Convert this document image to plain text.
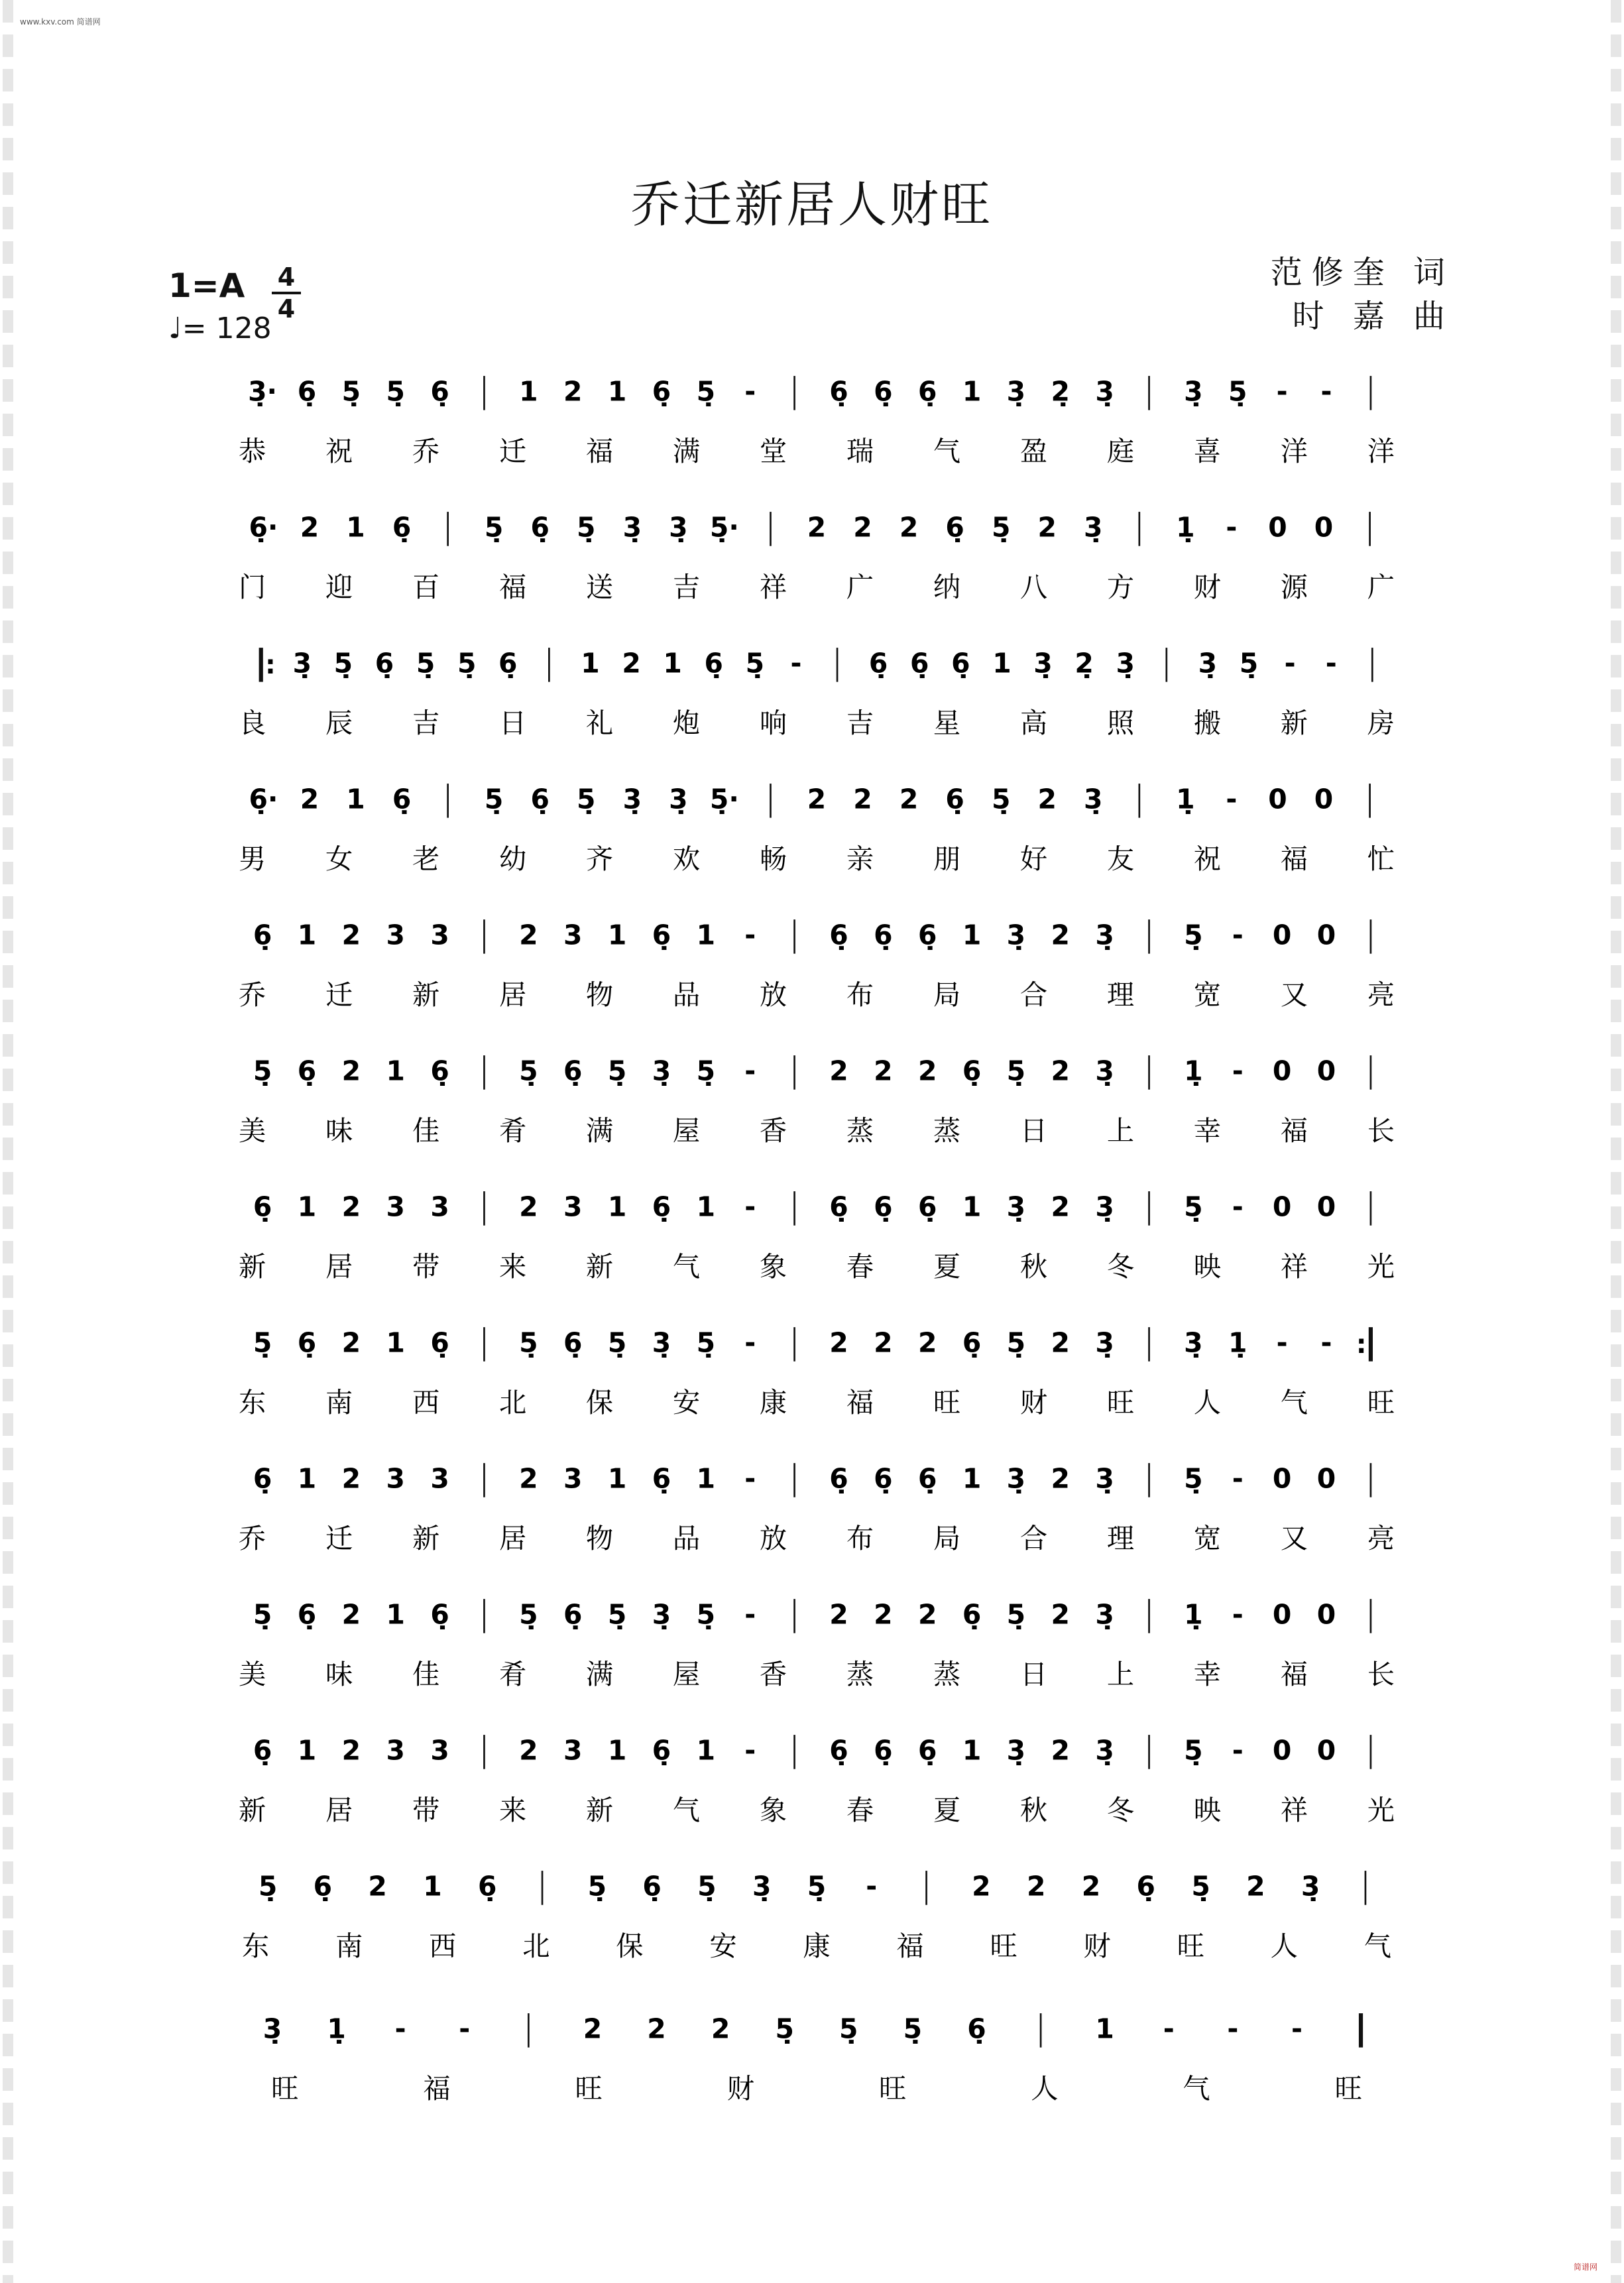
www.kxv.com 简谱网
乔迁新居人财旺
范修奎 词
时 嘉 曲
1=A 4
4
♩= 128
3̣· 6̣ 5̣ 5̣ 6̣ 1 2 1 6̣ 5̣ - 6̣ 6̣ 6̣ 1 3̣ 2̣ 3̣ 3̣ 5̣ - -
恭 祝 乔 迁 福 满 堂 瑞 气 盈 庭 喜 洋 洋
6̣· 2 1 6̣ 5̣ 6̣ 5̣ 3̣ 3̣ 5̣· 2 2 2 6̣ 5̣ 2 3̣ 1̣ - 0 0
门 迎 百 福 送 吉 祥 广 纳 八 方 财 源 广
: 3̣ 5̣ 6̣ 5̣ 5̣ 6̣ 1 2 1 6̣ 5̣ - 6̣ 6̣ 6̣ 1 3̣ 2̣ 3̣ 3̣ 5̣ - -
良 辰 吉 日 礼 炮 响 吉 星 高 照 搬 新 房
6̣· 2 1 6̣ 5̣ 6̣ 5̣ 3̣ 3̣ 5̣· 2 2 2 6̣ 5̣ 2 3̣ 1̣ - 0 0
男 女 老 幼 齐 欢 畅 亲 朋 好 友 祝 福 忙
6̣ 1 2 3 3 2 3 1 6̣ 1 - 6̣ 6̣ 6̣ 1 3̣ 2 3̣ 5̣ - 0 0
乔 迁 新 居 物 品 放 布 局 合 理 宽 又 亮
5̣ 6̣ 2 1 6̣ 5̣ 6̣ 5̣ 3̣ 5̣ - 2 2 2 6̣ 5̣ 2 3̣ 1̣ - 0 0
美 味 佳 肴 满 屋 香 蒸 蒸 日 上 幸 福 长
6̣ 1 2 3 3 2 3 1 6̣ 1 - 6̣ 6̣ 6̣ 1 3̣ 2 3̣ 5̣ - 0 0
新 居 带 来 新 气 象 春 夏 秋 冬 映 祥 光
5̣ 6̣ 2 1 6̣ 5̣ 6̣ 5̣ 3̣ 5̣ - 2 2 2 6̣ 5̣ 2 3̣ 3̣ 1̣ - - :
东 南 西 北 保 安 康 福 旺 财 旺 人 气 旺
6̣ 1 2 3 3 2 3 1 6̣ 1 - 6̣ 6̣ 6̣ 1 3̣ 2 3̣ 5̣ - 0 0
乔 迁 新 居 物 品 放 布 局 合 理 宽 又 亮
5̣ 6̣ 2 1 6̣ 5̣ 6̣ 5̣ 3̣ 5̣ - 2 2 2 6̣ 5̣ 2 3̣ 1̣ - 0 0
美 味 佳 肴 满 屋 香 蒸 蒸 日 上 幸 福 长
6̣ 1 2 3 3 2 3 1 6̣ 1 - 6̣ 6̣ 6̣ 1 3̣ 2 3̣ 5̣ - 0 0
新 居 带 来 新 气 象 春 夏 秋 冬 映 祥 光
5̣ 6̣ 2 1 6̣	5̣ 6̣ 5̣ 3̣ 5̣ -	2 2 2 6̣ 5̣ 2 3̣
东 南 西 北 保 安 康 福 旺 财 旺 人 气
3̣ 1̣ - -	2 2 2 5̣ 5̣ 5̣ 6̣	1 - - -
旺	福	旺	财	旺	人	气	旺
简谱网
